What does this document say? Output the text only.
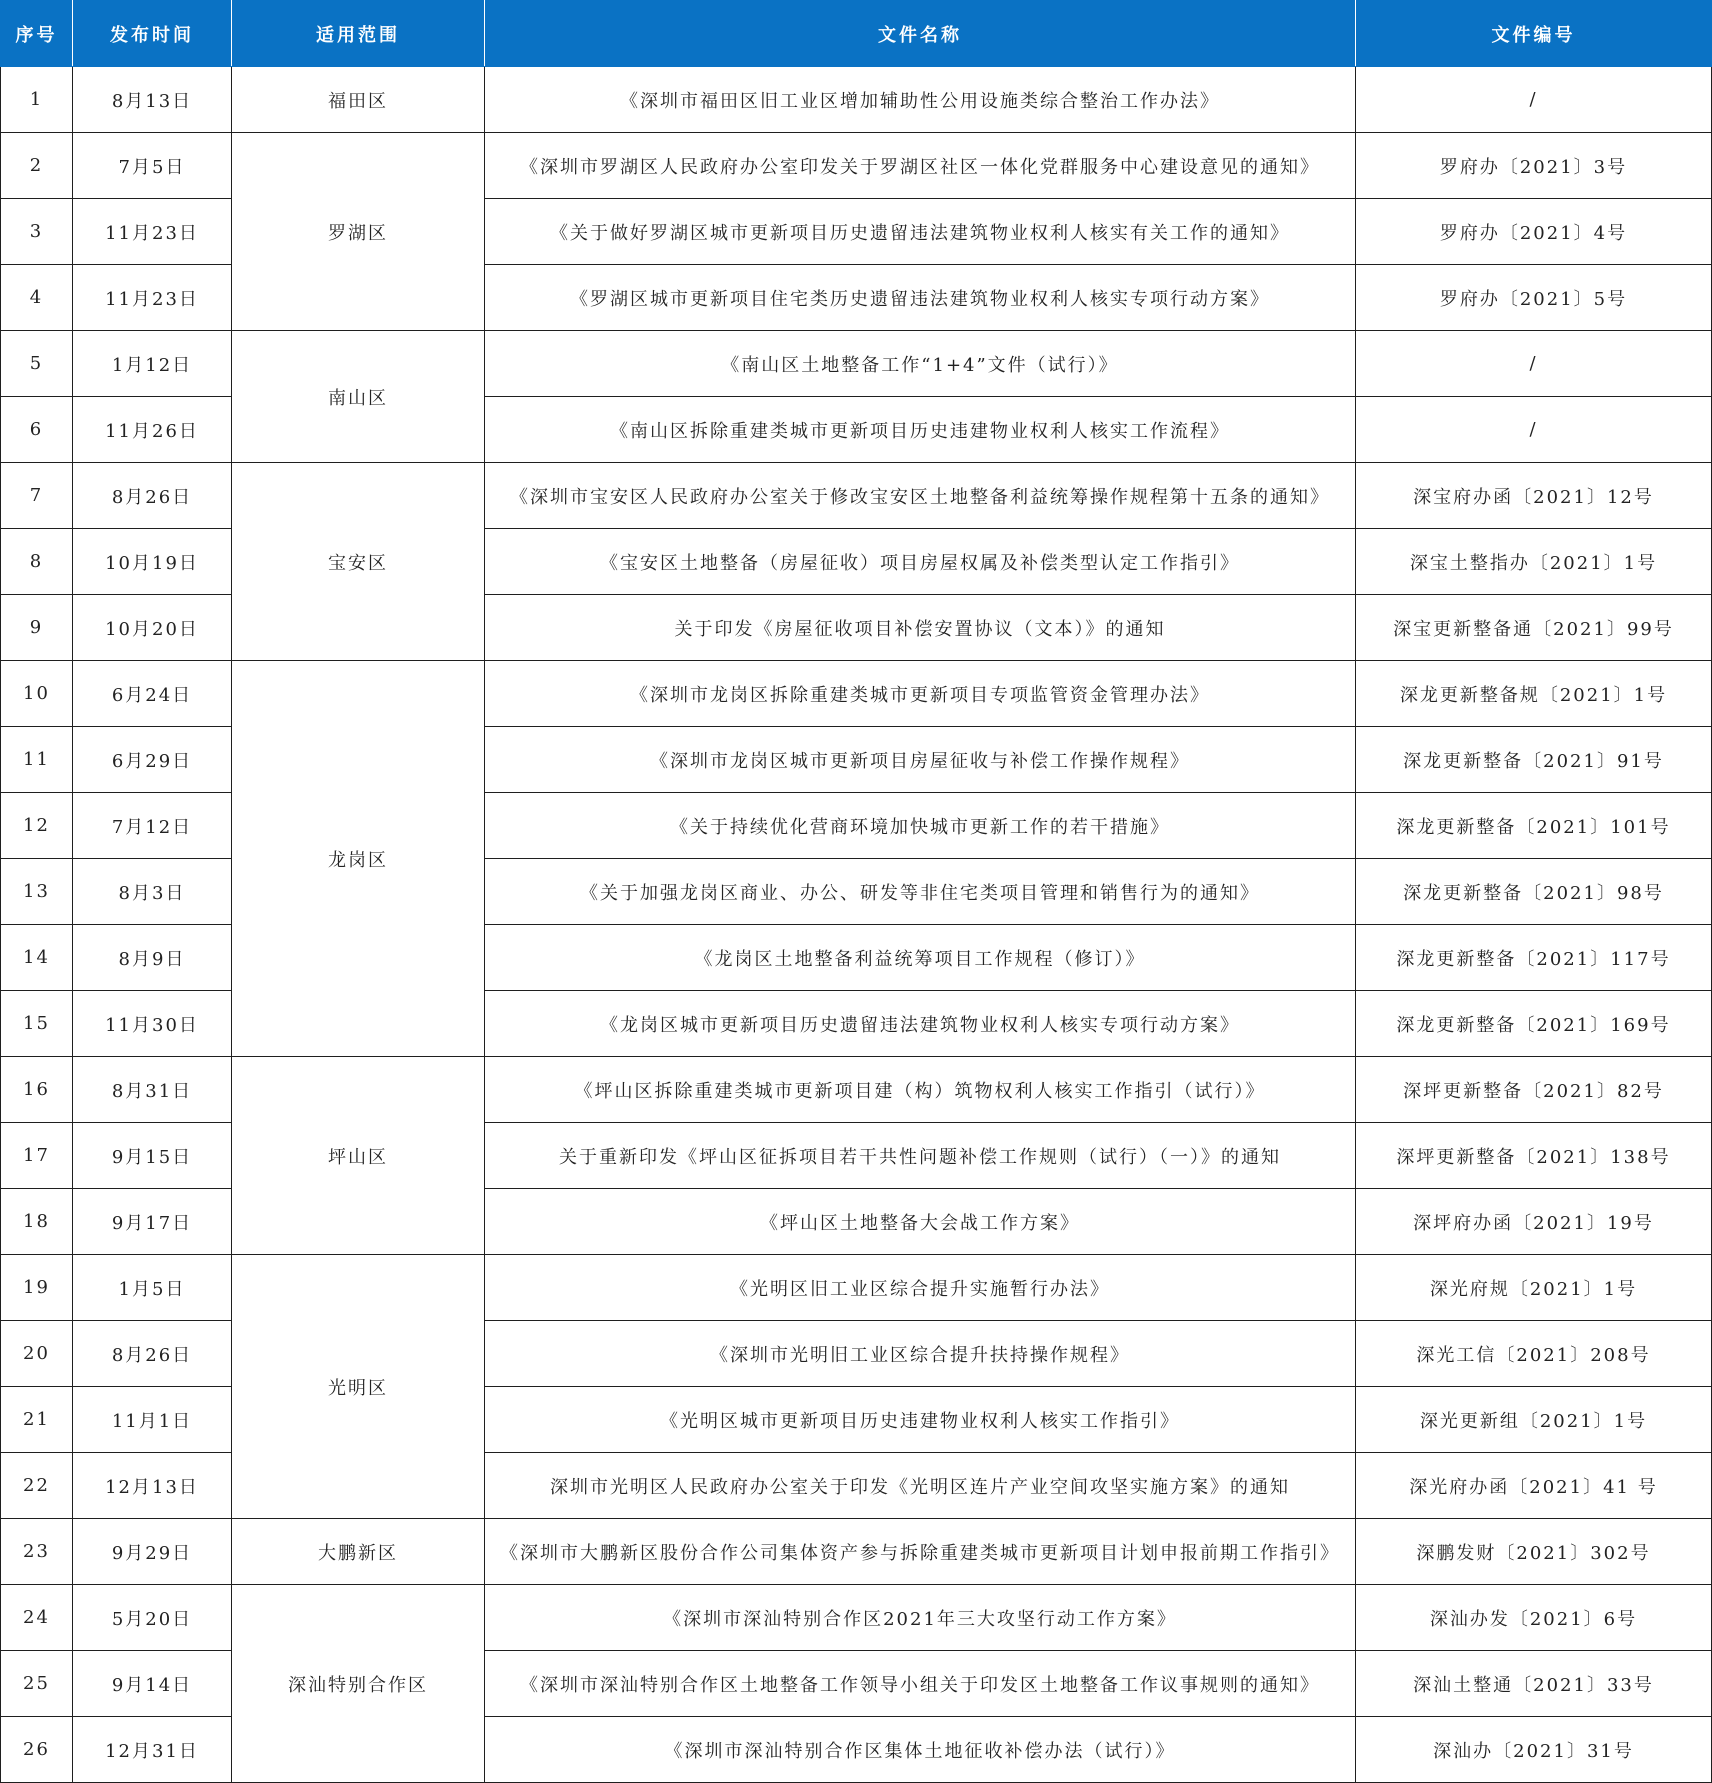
序号	发布时间	适用范围	文件名称	文件编号
1	8月13日	福田区	《深圳市福田区旧工业区增加辅助性公用设施类综合整治工作办法》	/
2	7月5日	罗湖区	《深圳市罗湖区人民政府办公室印发关于罗湖区社区一体化党群服务中心建设意见的通知》	罗府办〔2021〕3号
3	11月23日		《关于做好罗湖区城市更新项目历史遗留违法建筑物业权利人核实有关工作的通知》	罗府办〔2021〕4号
4	11月23日		《罗湖区城市更新项目住宅类历史遗留违法建筑物业权利人核实专项行动方案》	罗府办〔2021〕5号
5	1月12日	南山区	《南山区土地整备工作“1+4”文件（试行）》	/
6	11月26日		《南山区拆除重建类城市更新项目历史违建物业权利人核实工作流程》	/
7	8月26日	宝安区	《深圳市宝安区人民政府办公室关于修改宝安区土地整备利益统筹操作规程第十五条的通知》	深宝府办函〔2021〕12号
8	10月19日		《宝安区土地整备（房屋征收）项目房屋权属及补偿类型认定工作指引》	深宝土整指办〔2021〕1号
9	10月20日		关于印发《房屋征收项目补偿安置协议（文本）》的通知	深宝更新整备通〔2021〕99号
10	6月24日	龙岗区	《深圳市龙岗区拆除重建类城市更新项目专项监管资金管理办法》	深龙更新整备规〔2021〕1号
11	6月29日		《深圳市龙岗区城市更新项目房屋征收与补偿工作操作规程》	深龙更新整备〔2021〕91号
12	7月12日		《关于持续优化营商环境加快城市更新工作的若干措施》	深龙更新整备〔2021〕101号
13	8月3日		《关于加强龙岗区商业、办公、研发等非住宅类项目管理和销售行为的通知》	深龙更新整备〔2021〕98号
14	8月9日		《龙岗区土地整备利益统筹项目工作规程（修订）》	深龙更新整备〔2021〕117号
15	11月30日		《龙岗区城市更新项目历史遗留违法建筑物业权利人核实专项行动方案》	深龙更新整备〔2021〕169号
16	8月31日	坪山区	《坪山区拆除重建类城市更新项目建（构）筑物权利人核实工作指引（试行）》	深坪更新整备〔2021〕82号
17	9月15日		关于重新印发《坪山区征拆项目若干共性问题补偿工作规则（试行）（一）》的通知	深坪更新整备〔2021〕138号
18	9月17日		《坪山区土地整备大会战工作方案》	深坪府办函〔2021〕19号
19	1月5日	光明区	《光明区旧工业区综合提升实施暂行办法》	深光府规〔2021〕1号
20	8月26日		《深圳市光明旧工业区综合提升扶持操作规程》	深光工信〔2021〕208号
21	11月1日		《光明区城市更新项目历史违建物业权利人核实工作指引》	深光更新组〔2021〕1号
22	12月13日		深圳市光明区人民政府办公室关于印发《光明区连片产业空间攻坚实施方案》的通知	深光府办函〔2021〕41 号
23	9月29日	大鹏新区	《深圳市大鹏新区股份合作公司集体资产参与拆除重建类城市更新项目计划申报前期工作指引》	深鹏发财〔2021〕302号
24	5月20日	深汕特别合作区	《深圳市深汕特别合作区2021年三大攻坚行动工作方案》	深汕办发〔2021〕6号
25	9月14日		《深圳市深汕特别合作区土地整备工作领导小组关于印发区土地整备工作议事规则的通知》	深汕土整通〔2021〕33号
26	12月31日		《深圳市深汕特别合作区集体土地征收补偿办法（试行）》	深汕办〔2021〕31号
